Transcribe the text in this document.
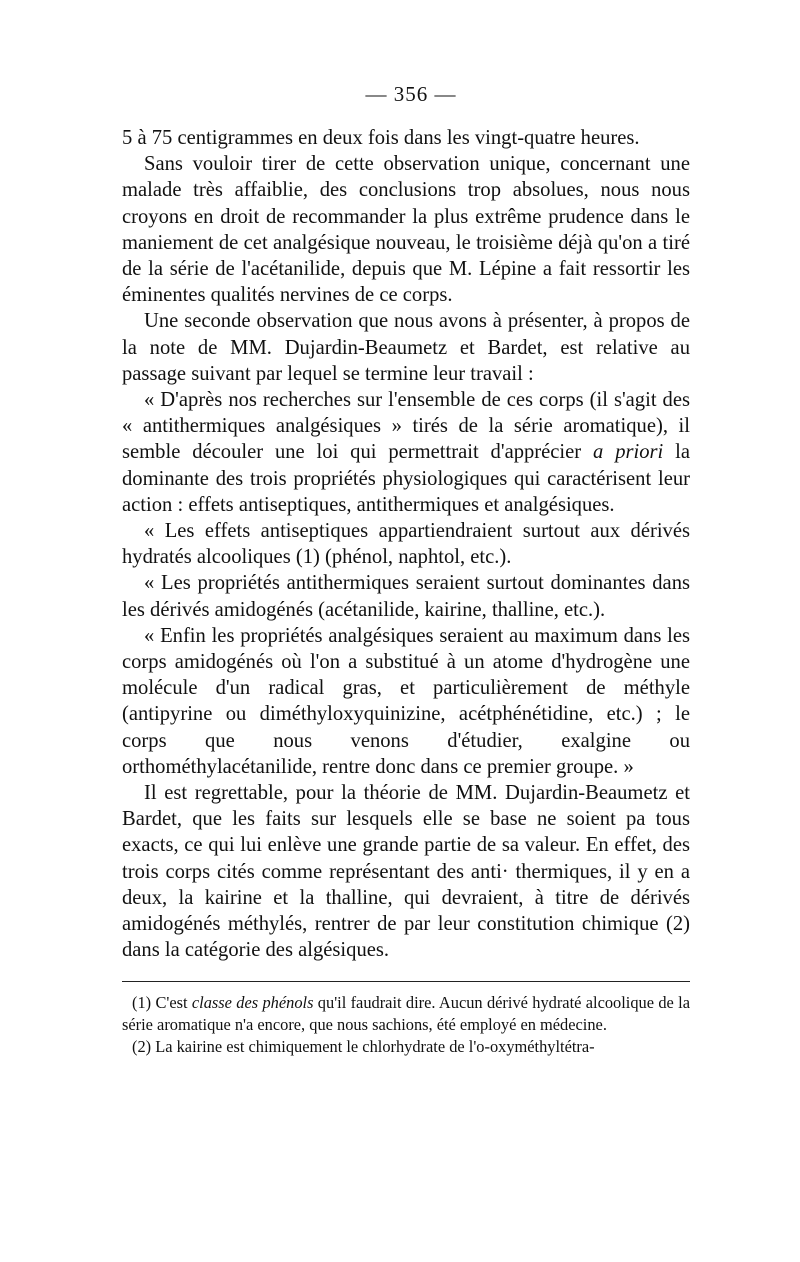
— 356 —

5 à 75 centigrammes en deux fois dans les vingt-quatre heures.

Sans vouloir tirer de cette observation unique, concernant une malade très affaiblie, des conclusions trop absolues, nous nous croyons en droit de recommander la plus extrême prudence dans le maniement de cet analgésique nouveau, le troisième déjà qu'on a tiré de la série de l'acétanilide, depuis que M. Lépine a fait ressortir les éminentes qualités nervines de ce corps.

Une seconde observation que nous avons à présenter, à propos de la note de MM. Dujardin-Beaumetz et Bardet, est relative au passage suivant par lequel se termine leur travail :

« D'après nos recherches sur l'ensemble de ces corps (il s'agit des « antithermiques analgésiques » tirés de la série aromatique), il semble découler une loi qui permettrait d'apprécier a priori la dominante des trois propriétés physiologiques qui caractérisent leur action : effets antiseptiques, antithermiques et analgésiques.

« Les effets antiseptiques appartiendraient surtout aux dérivés hydratés alcooliques (1) (phénol, naphtol, etc.).

« Les propriétés antithermiques seraient surtout dominantes dans les dérivés amidogénés (acétanilide, kairine, thalline, etc.).

« Enfin les propriétés analgésiques seraient au maximum dans les corps amidogénés où l'on a substitué à un atome d'hydrogène une molécule d'un radical gras, et particulièrement de méthyle (antipyrine ou diméthyloxyquinizine, acétphénétidine, etc.) ; le corps que nous venons d'étudier, exalgine ou orthométhylacétanilide, rentre donc dans ce premier groupe. »

Il est regrettable, pour la théorie de MM. Dujardin-Beaumetz et Bardet, que les faits sur lesquels elle se base ne soient pa tous exacts, ce qui lui enlève une grande partie de sa valeur. En effet, des trois corps cités comme représentant des anti· thermiques, il y en a deux, la kairine et la thalline, qui devraient, à titre de dérivés amidogénés méthylés, rentrer de par leur constitution chimique (2) dans la catégorie des algésiques.

(1) C'est classe des phénols qu'il faudrait dire. Aucun dérivé hydraté alcoolique de la série aromatique n'a encore, que nous sachions, été employé en médecine.

(2) La kairine est chimiquement le chlorhydrate de l'o-oxyméthyltétra-
